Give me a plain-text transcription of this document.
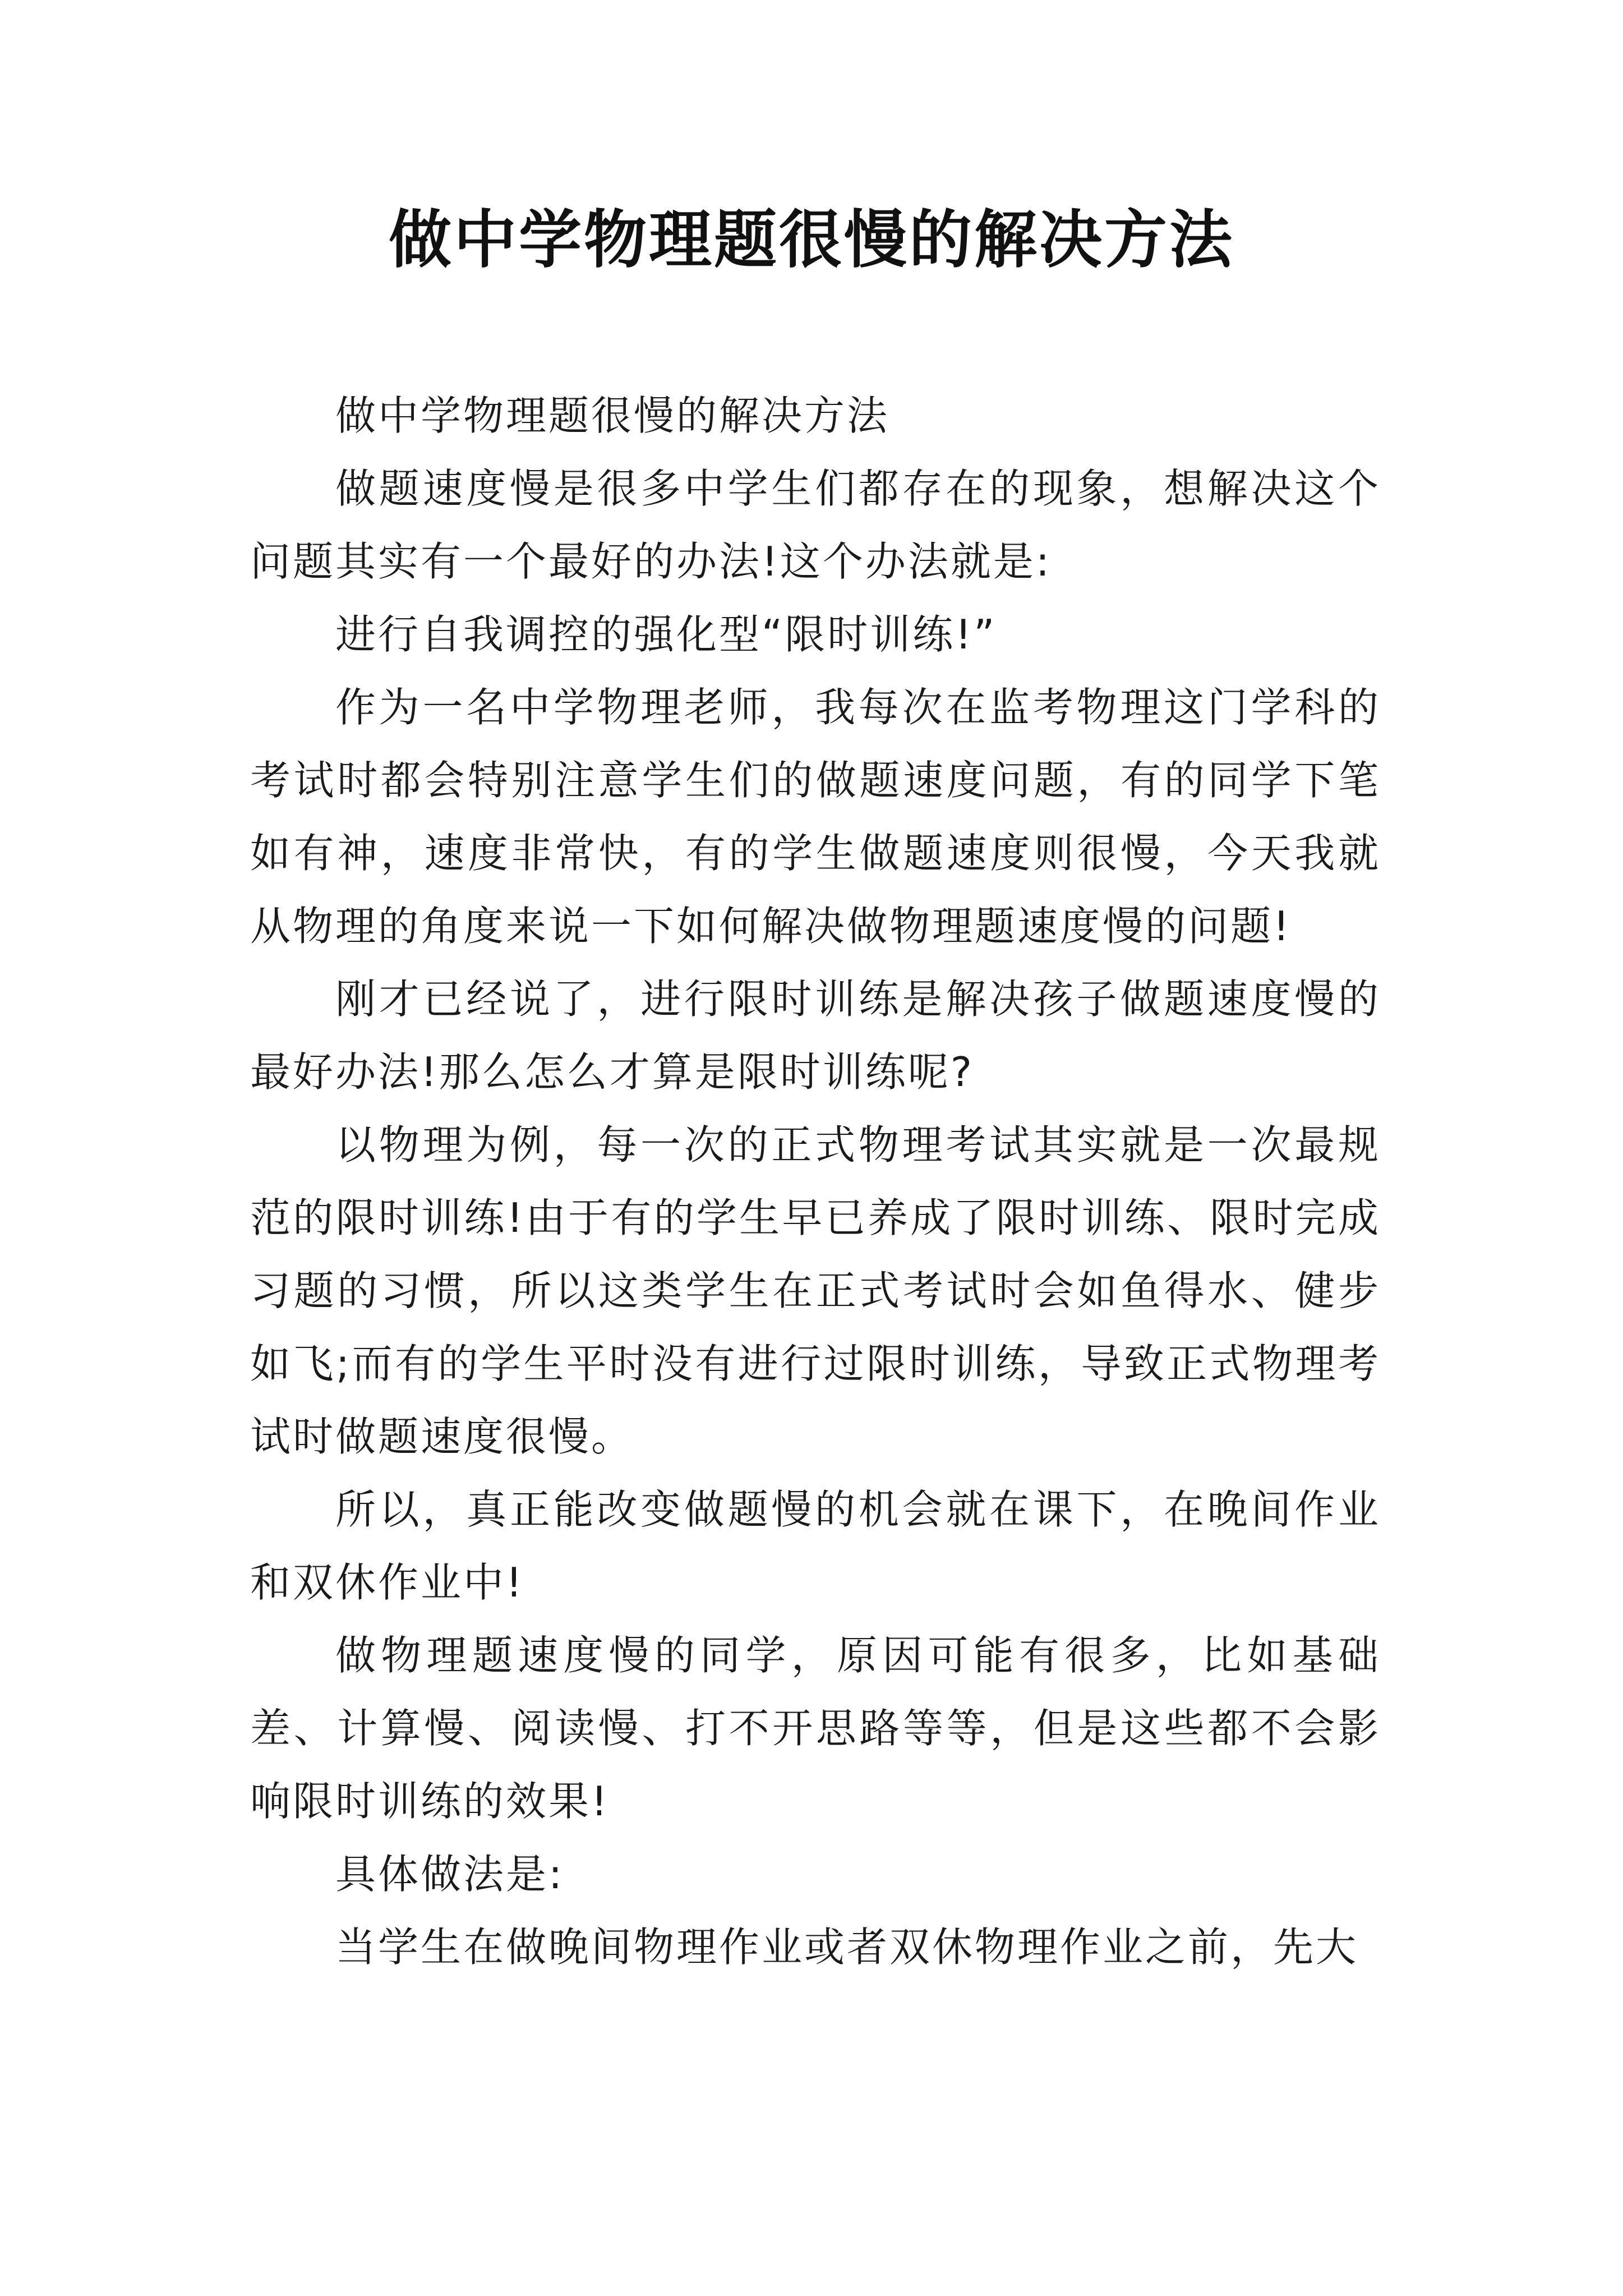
做中学物理题很慢的解决方法

做中学物理题很慢的解决方法

做题速度慢是很多中学生们都存在的现象，想解决这个问题其实有一个最好的办法!这个办法就是:

进行自我调控的强化型“限时训练!”

作为一名中学物理老师，我每次在监考物理这门学科的考试时都会特别注意学生们的做题速度问题，有的同学下笔如有神，速度非常快，有的学生做题速度则很慢，今天我就从物理的角度来说一下如何解决做物理题速度慢的问题!

刚才已经说了，进行限时训练是解决孩子做题速度慢的最好办法!那么怎么才算是限时训练呢?

以物理为例，每一次的正式物理考试其实就是一次最规范的限时训练!由于有的学生早已养成了限时训练、限时完成习题的习惯，所以这类学生在正式考试时会如鱼得水、健步如飞;而有的学生平时没有进行过限时训练，导致正式物理考试时做题速度很慢。

所以，真正能改变做题慢的机会就在课下，在晚间作业和双休作业中!

做物理题速度慢的同学，原因可能有很多，比如基础差、计算慢、阅读慢、打不开思路等等，但是这些都不会影响限时训练的效果!

具体做法是:

当学生在做晚间物理作业或者双休物理作业之前，先大
